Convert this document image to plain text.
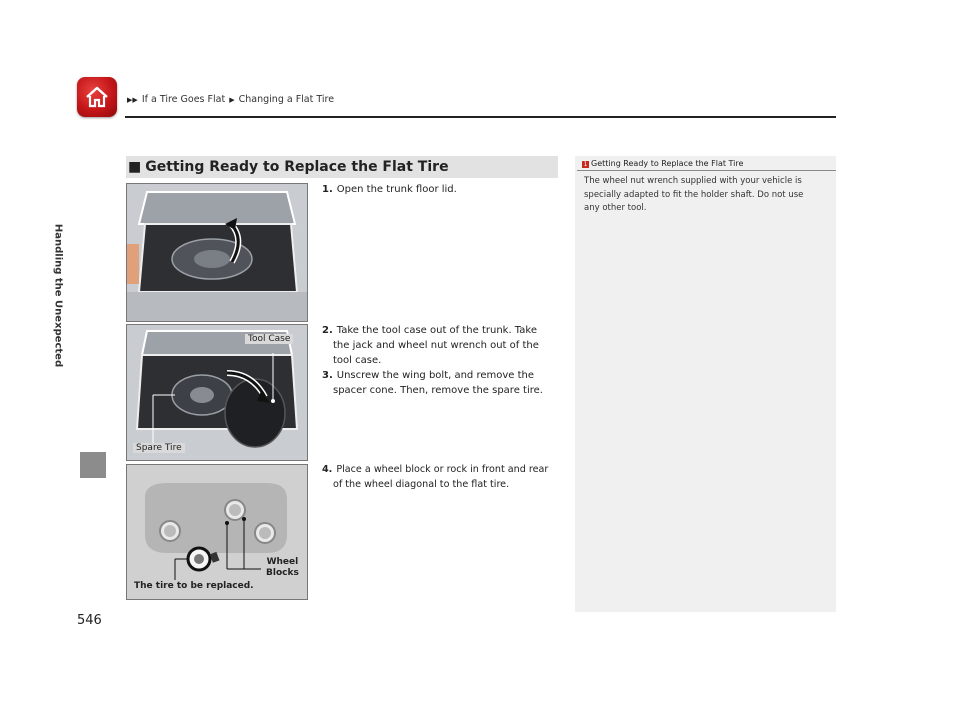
▶▶ If a Tire Goes Flat ▶ Changing a Flat Tire
Handling the Unexpected
546
■ Getting Ready to Replace the Flat Tire
Tool Case
Spare Tire
Wheel
Blocks
The tire to be replaced.
1. Open the trunk floor lid.
2. Take the tool case out of the trunk. Take
the jack and wheel nut wrench out of the
tool case.
3. Unscrew the wing bolt, and remove the
spacer cone. Then, remove the spare tire.
4. Place a wheel block or rock in front and rear
of the wheel diagonal to the flat tire.
1 Getting Ready to Replace the Flat Tire
The wheel nut wrench supplied with your vehicle is
specially adapted to fit the holder shaft. Do not use
any other tool.
